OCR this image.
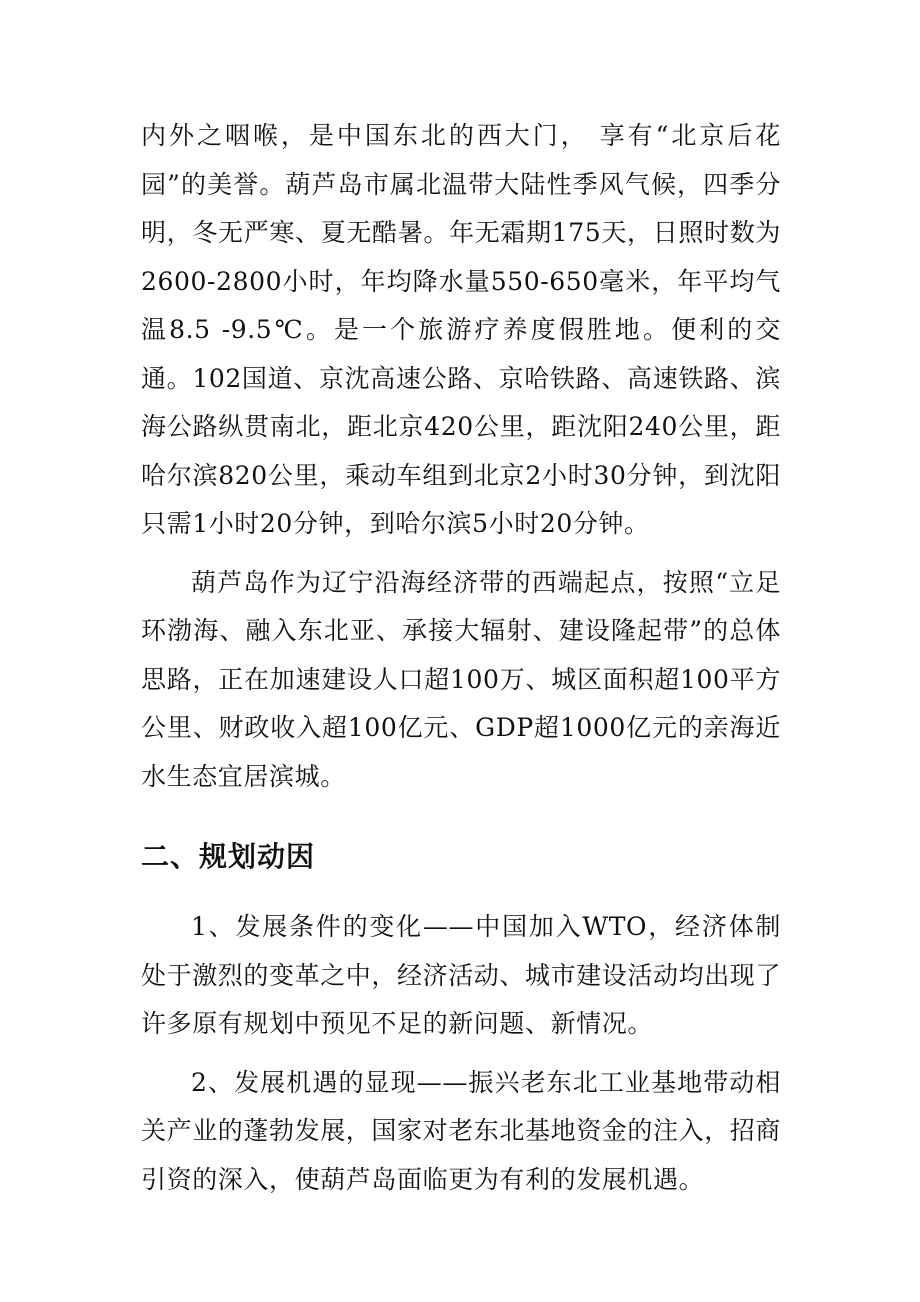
内外之咽喉，是中国东北的西大门， 享有“北京后花园”的美誉。葫芦岛市属北温带大陆性季风气候，四季分明，冬无严寒、夏无酷暑。年无霜期175天，日照时数为2600-2800小时，年均降水量550-650毫米，年平均气温8.5 -9.5℃。是一个旅游疗养度假胜地。便利的交通。102国道、京沈高速公路、京哈铁路、高速铁路、滨海公路纵贯南北，距北京420公里，距沈阳240公里，距哈尔滨820公里，乘动车组到北京2小时30分钟，到沈阳只需1小时20分钟，到哈尔滨5小时20分钟。

葫芦岛作为辽宁沿海经济带的西端起点，按照“立足环渤海、融入东北亚、承接大辐射、建设隆起带”的总体思路，正在加速建设人口超100万、城区面积超100平方公里、财政收入超100亿元、GDP超1000亿元的亲海近水生态宜居滨城。

二、规划动因

1、发展条件的变化——中国加入WTO，经济体制处于激烈的变革之中，经济活动、城市建设活动均出现了许多原有规划中预见不足的新问题、新情况。

2、发展机遇的显现——振兴老东北工业基地带动相关产业的蓬勃发展，国家对老东北基地资金的注入，招商引资的深入，使葫芦岛面临更为有利的发展机遇。
